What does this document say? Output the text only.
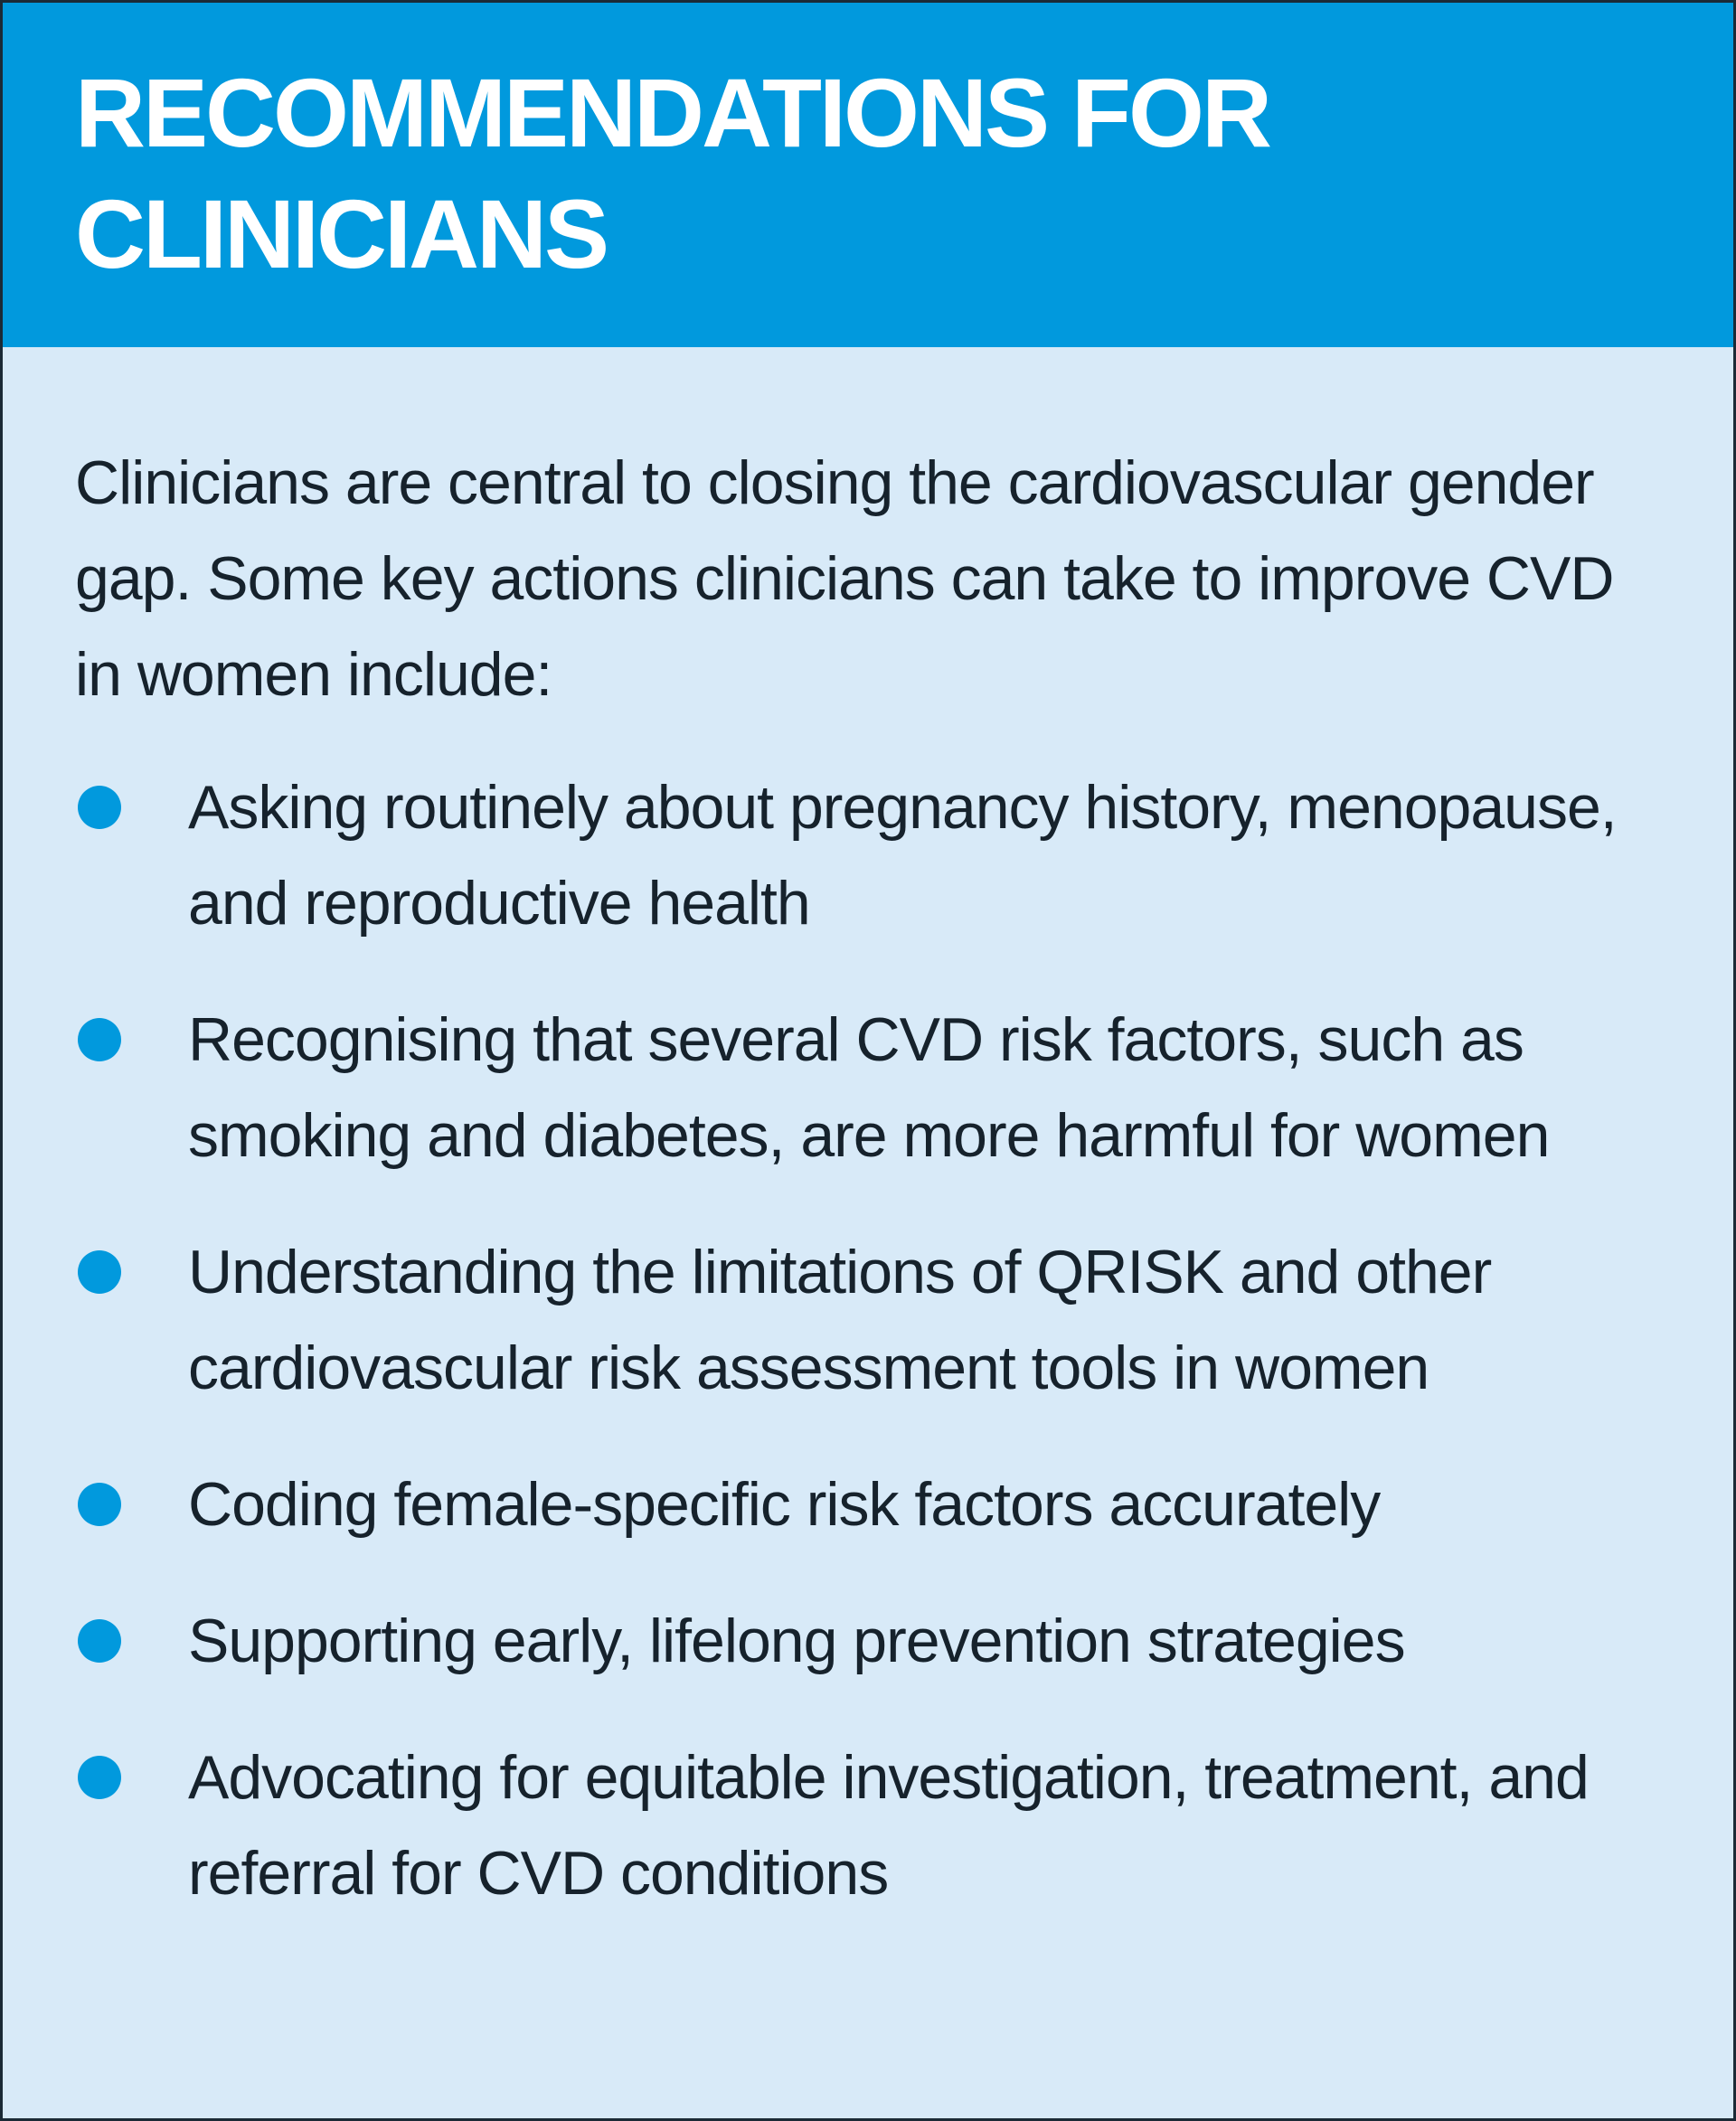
RECOMMENDATIONS FOR CLINICIANS

Clinicians are central to closing the cardiovascular gender gap. Some key actions clinicians can take to improve CVD in women include:

Asking routinely about pregnancy history, menopause, and reproductive health
Recognising that several CVD risk factors, such as smoking and diabetes, are more harmful for women
Understanding the limitations of QRISK and other cardiovascular risk assessment tools in women
Coding female-specific risk factors accurately
Supporting early, lifelong prevention strategies
Advocating for equitable investigation, treatment, and referral for CVD conditions
